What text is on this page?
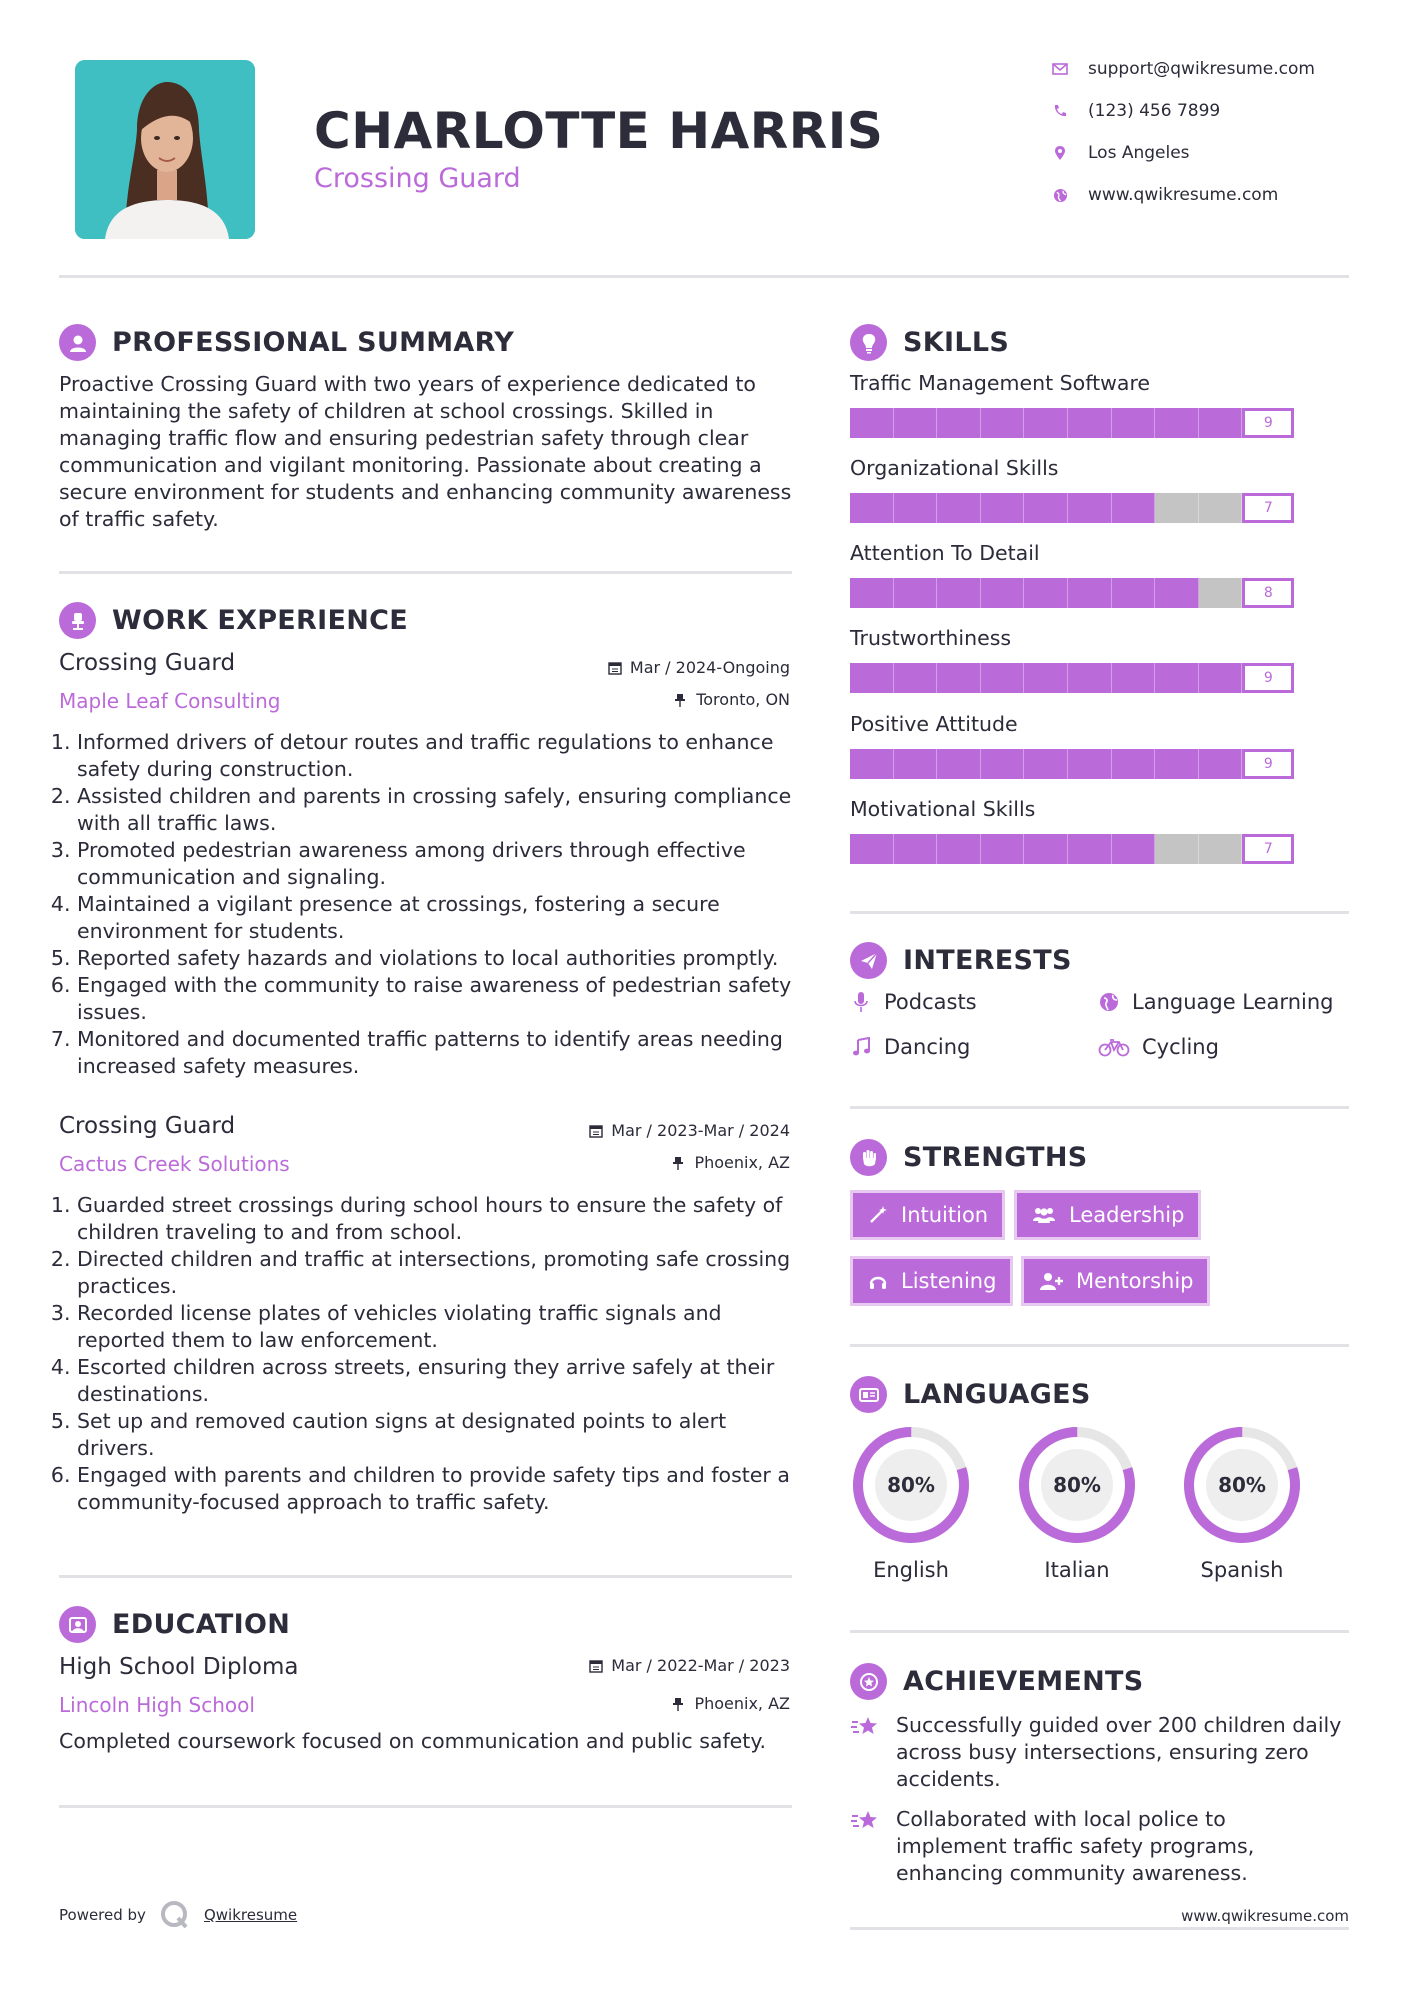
CHARLOTTE HARRIS
Crossing Guard
support@qwikresume.com
(123) 456 7899
Los Angeles
www.qwikresume.com
PROFESSIONAL SUMMARY
Proactive Crossing Guard with two years of experience dedicated to maintaining the safety of children at school crossings. Skilled in managing traffic flow and ensuring pedestrian safety through clear communication and vigilant monitoring. Passionate about creating a secure environment for students and enhancing community awareness of traffic safety.
WORK EXPERIENCE
Crossing Guard
Maple Leaf Consulting
Mar / 2024-Ongoing
Toronto, ON
1. Informed drivers of detour routes and traffic regulations to enhance safety during construction.
2. Assisted children and parents in crossing safely, ensuring compliance with all traffic laws.
3. Promoted pedestrian awareness among drivers through effective communication and signaling.
4. Maintained a vigilant presence at crossings, fostering a secure environment for students.
5. Reported safety hazards and violations to local authorities promptly.
6. Engaged with the community to raise awareness of pedestrian safety issues.
7. Monitored and documented traffic patterns to identify areas needing increased safety measures.
Crossing Guard
Cactus Creek Solutions
Mar / 2023-Mar / 2024
Phoenix, AZ
1. Guarded street crossings during school hours to ensure the safety of children traveling to and from school.
2. Directed children and traffic at intersections, promoting safe crossing practices.
3. Recorded license plates of vehicles violating traffic signals and reported them to law enforcement.
4. Escorted children across streets, ensuring they arrive safely at their destinations.
5. Set up and removed caution signs at designated points to alert drivers.
6. Engaged with parents and children to provide safety tips and foster a community-focused approach to traffic safety.
EDUCATION
High School Diploma
Lincoln High School
Mar / 2022-Mar / 2023
Phoenix, AZ
Completed coursework focused on communication and public safety.
Powered by	Qwikresume
SKILLS
Traffic Management Software
9
Organizational Skills
7
Attention To Detail
8
Trustworthiness
9
Positive Attitude
9
Motivational Skills
7
INTERESTS
Podcasts	Language Learning
Dancing	Cycling
STRENGTHS
Intuition	Leadership
Listening	Mentorship
LANGUAGES
80%
English
80%
Italian
80%
Spanish
ACHIEVEMENTS
Successfully guided over 200 children daily across busy intersections, ensuring zero accidents.
Collaborated with local police to implement traffic safety programs, enhancing community awareness.
www.qwikresume.com
